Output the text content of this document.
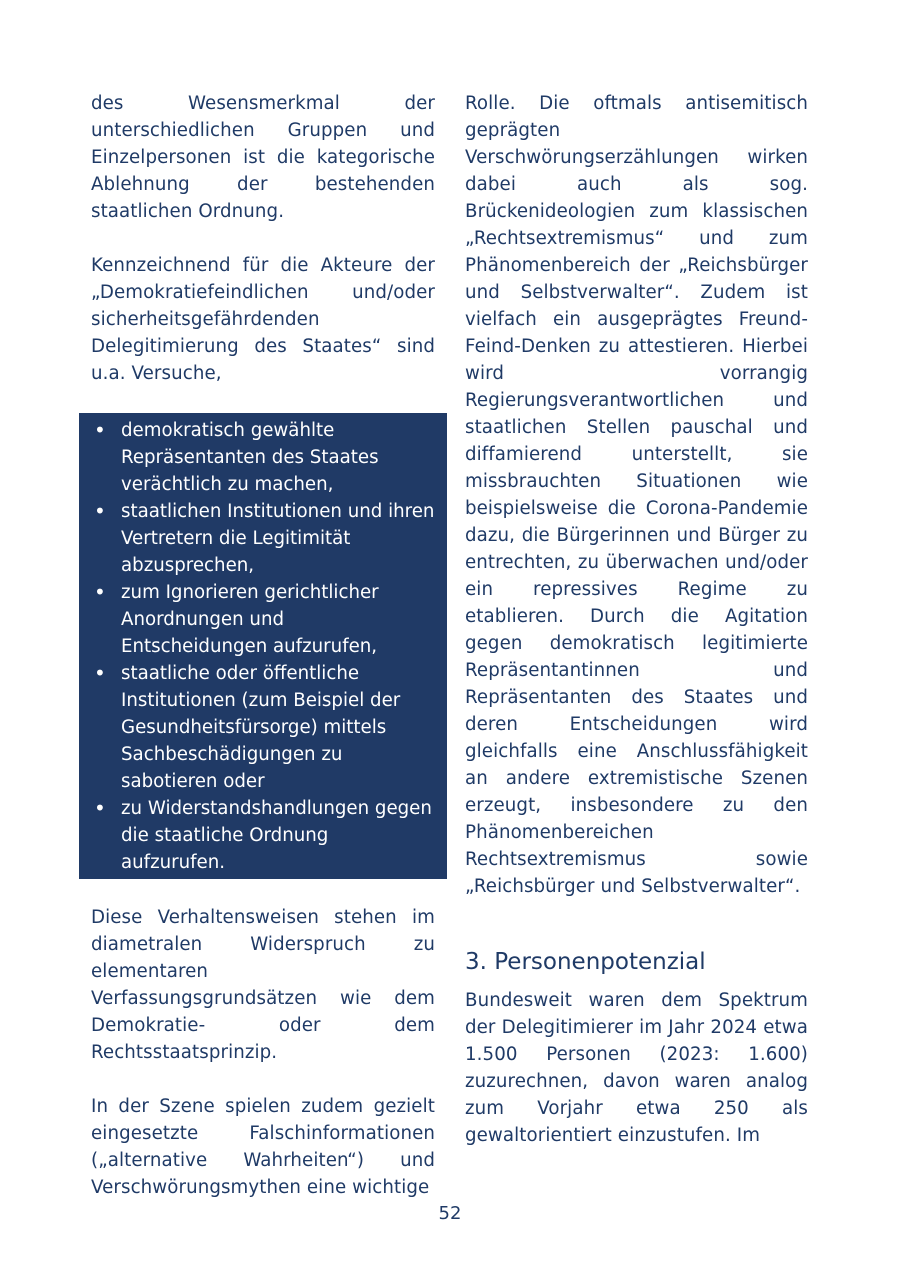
des Wesensmerkmal der unterschiedlichen Gruppen und Einzelpersonen ist die kategorische Ablehnung der bestehenden staatlichen Ordnung.

Kennzeichnend für die Akteure der „Demokratiefeindlichen und/oder sicherheitsgefährdenden Delegitimierung des Staates“ sind u.a. Versuche,

• demokratisch gewählte Repräsentanten des Staates verächtlich zu machen,
• staatlichen Institutionen und ihren Vertretern die Legitimität abzusprechen,
• zum Ignorieren gerichtlicher Anordnungen und Entscheidungen aufzurufen,
• staatliche oder öffentliche Institutionen (zum Beispiel der Gesundheitsfürsorge) mittels Sachbeschädigungen zu sabotieren oder
• zu Widerstandshandlungen gegen die staatliche Ordnung aufzurufen.

Diese Verhaltensweisen stehen im diametralen Widerspruch zu elementaren Verfassungsgrundsätzen wie dem Demokratie- oder dem Rechtsstaatsprinzip.

In der Szene spielen zudem gezielt eingesetzte Falschinformationen („alternative Wahrheiten“) und Verschwörungsmythen eine wichtige

Rolle. Die oftmals antisemitisch geprägten Verschwörungserzählungen wirken dabei auch als sog. Brückenideologien zum klassischen „Rechtsextremismus“ und zum Phänomenbereich der „Reichsbürger und Selbstverwalter“. Zudem ist vielfach ein ausgeprägtes Freund-Feind-Denken zu attestieren. Hierbei wird vorrangig Regierungsverantwortlichen und staatlichen Stellen pauschal und diffamierend unterstellt, sie missbrauchten Situationen wie beispielsweise die Corona-Pandemie dazu, die Bürgerinnen und Bürger zu entrechten, zu überwachen und/oder ein repressives Regime zu etablieren. Durch die Agitation gegen demokratisch legitimierte Repräsentantinnen und Repräsentanten des Staates und deren Entscheidungen wird gleichfalls eine Anschlussfähigkeit an andere extremistische Szenen erzeugt, insbesondere zu den Phänomenbereichen Rechtsextremismus sowie „Reichsbürger und Selbstverwalter“.

3. Personenpotenzial

Bundesweit waren dem Spektrum der Delegitimierer im Jahr 2024 etwa 1.500 Personen (2023: 1.600) zuzurechnen, davon waren analog zum Vorjahr etwa 250 als gewaltorientiert einzustufen. Im

52
